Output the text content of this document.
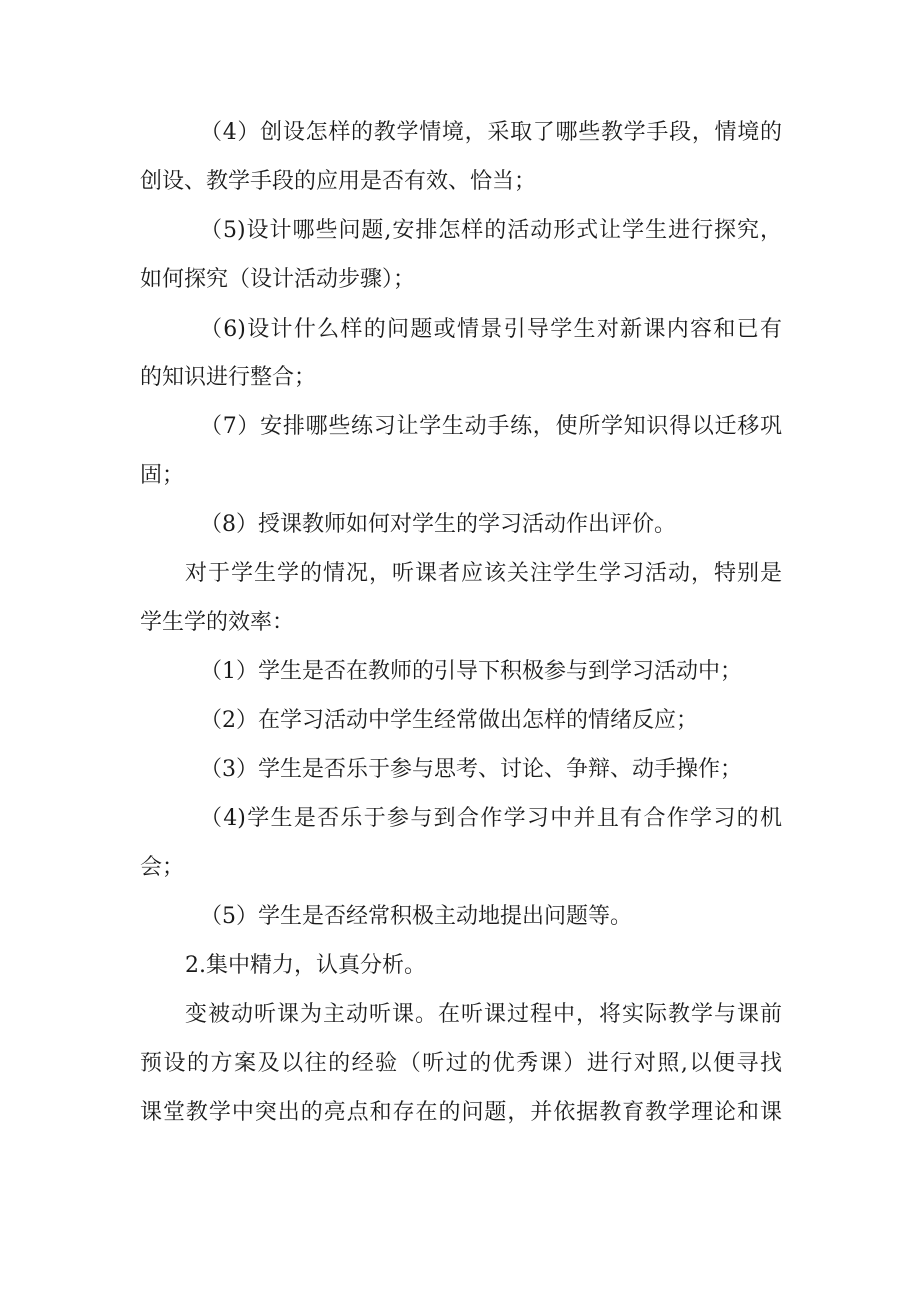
（4）创设怎样的教学情境，采取了哪些教学手段，情境的
创设、教学手段的应用是否有效、恰当；
（5)设计哪些问题,安排怎样的活动形式让学生进行探究，
如何探究（设计活动步骤）；
（6)设计什么样的问题或情景引导学生对新课内容和已有
的知识进行整合；
（7）安排哪些练习让学生动手练，使所学知识得以迁移巩
固；
（8）授课教师如何对学生的学习活动作出评价。
对于学生学的情况，听课者应该关注学生学习活动，特别是
学生学的效率：
（1）学生是否在教师的引导下积极参与到学习活动中；
（2）在学习活动中学生经常做出怎样的情绪反应；
（3）学生是否乐于参与思考、讨论、争辩、动手操作；
（4)学生是否乐于参与到合作学习中并且有合作学习的机
会；
（5）学生是否经常积极主动地提出问题等。
2.集中精力，认真分析。
变被动听课为主动听课。在听课过程中，将实际教学与课前
预设的方案及以往的经验（听过的优秀课）进行对照,以便寻找
课堂教学中突出的亮点和存在的问题，并依据教育教学理论和课
